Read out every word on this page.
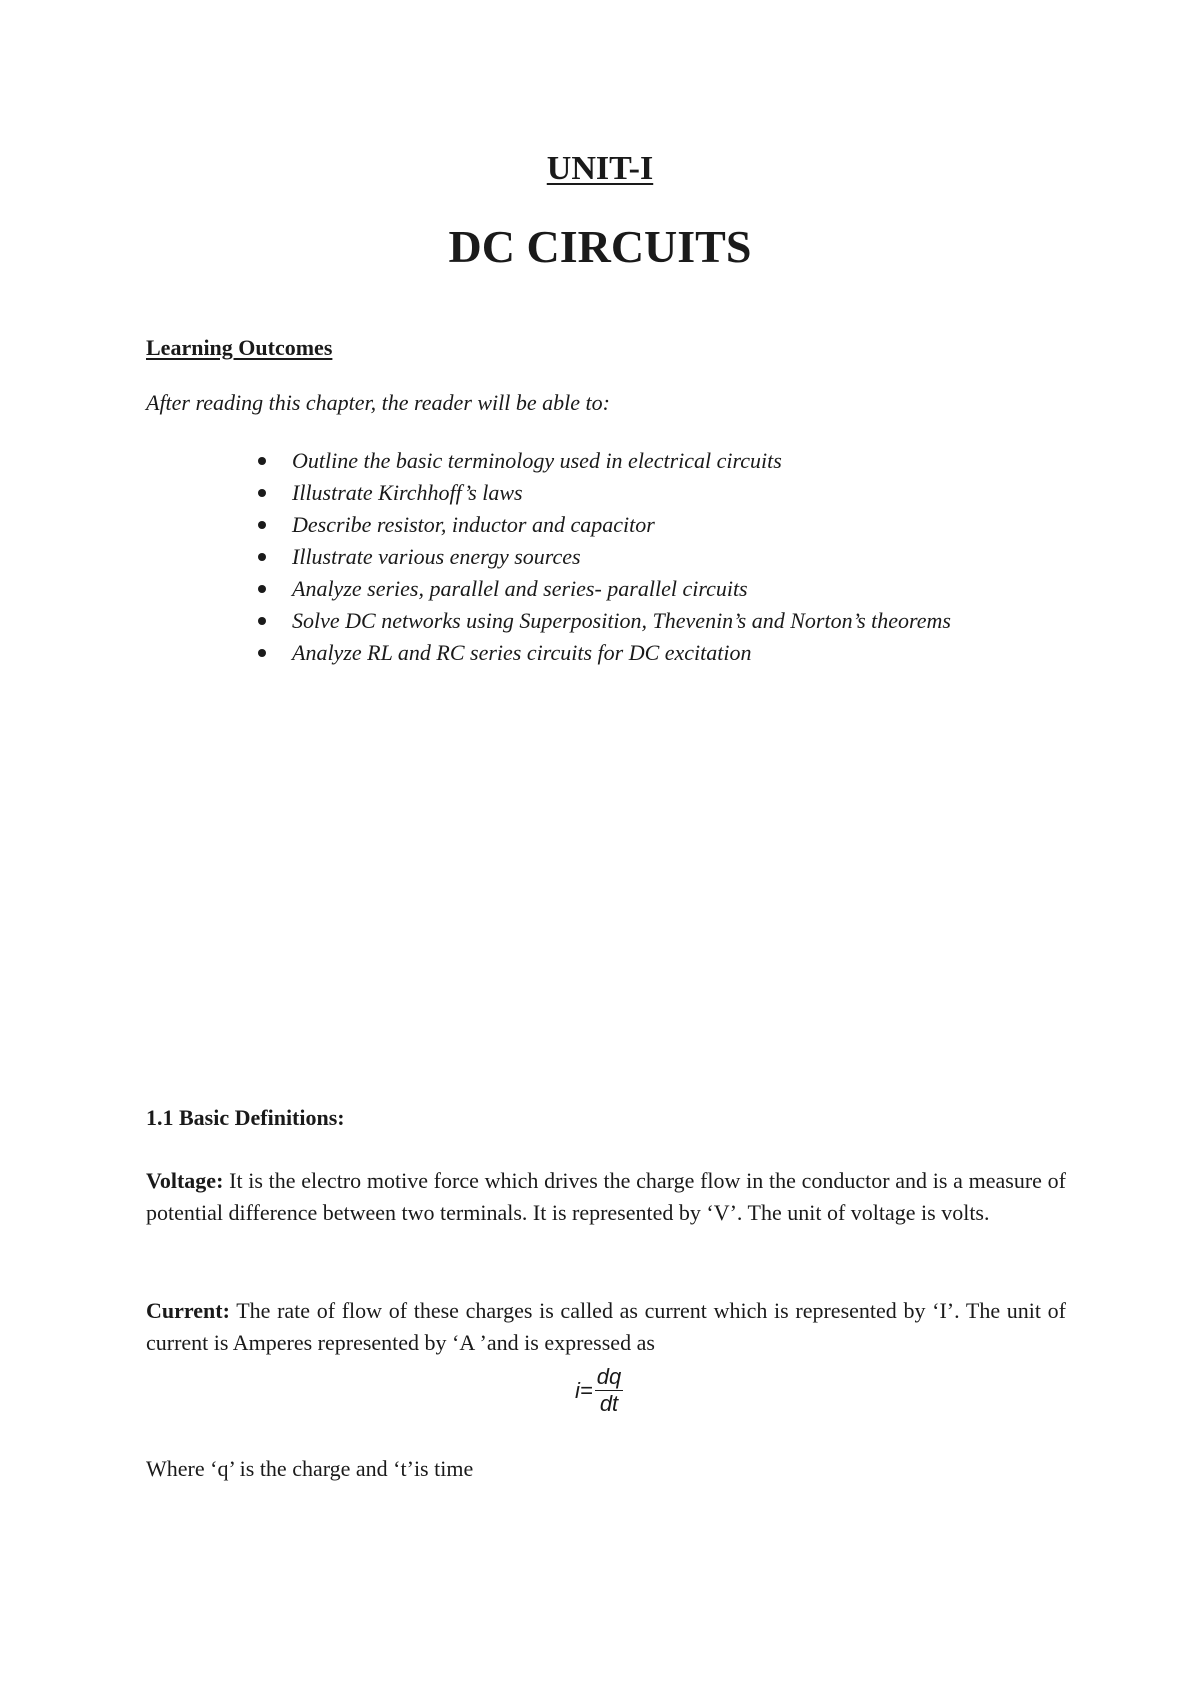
UNIT-I
DC CIRCUITS
Learning Outcomes
After reading this chapter, the reader will be able to:
Outline the basic terminology used in electrical circuits
Illustrate Kirchhoff’s laws
Describe resistor, inductor and capacitor
Illustrate various energy sources
Analyze series, parallel and series- parallel circuits
Solve DC networks using Superposition, Thevenin’s and Norton’s theorems
Analyze RL and RC series circuits for DC excitation
1.1 Basic Definitions:
Voltage: It is the electro motive force which drives the charge flow in the conductor and is a measure of potential difference between two terminals. It is represented by ‘V’. The unit of voltage is volts.
Current: The rate of flow of these charges is called as current which is represented by ‘I’. The unit of current is Amperes represented by ‘A ’and is expressed as
$i= \frac{dq}{dt}$
Where ‘q’ is the charge and ‘t’is time
